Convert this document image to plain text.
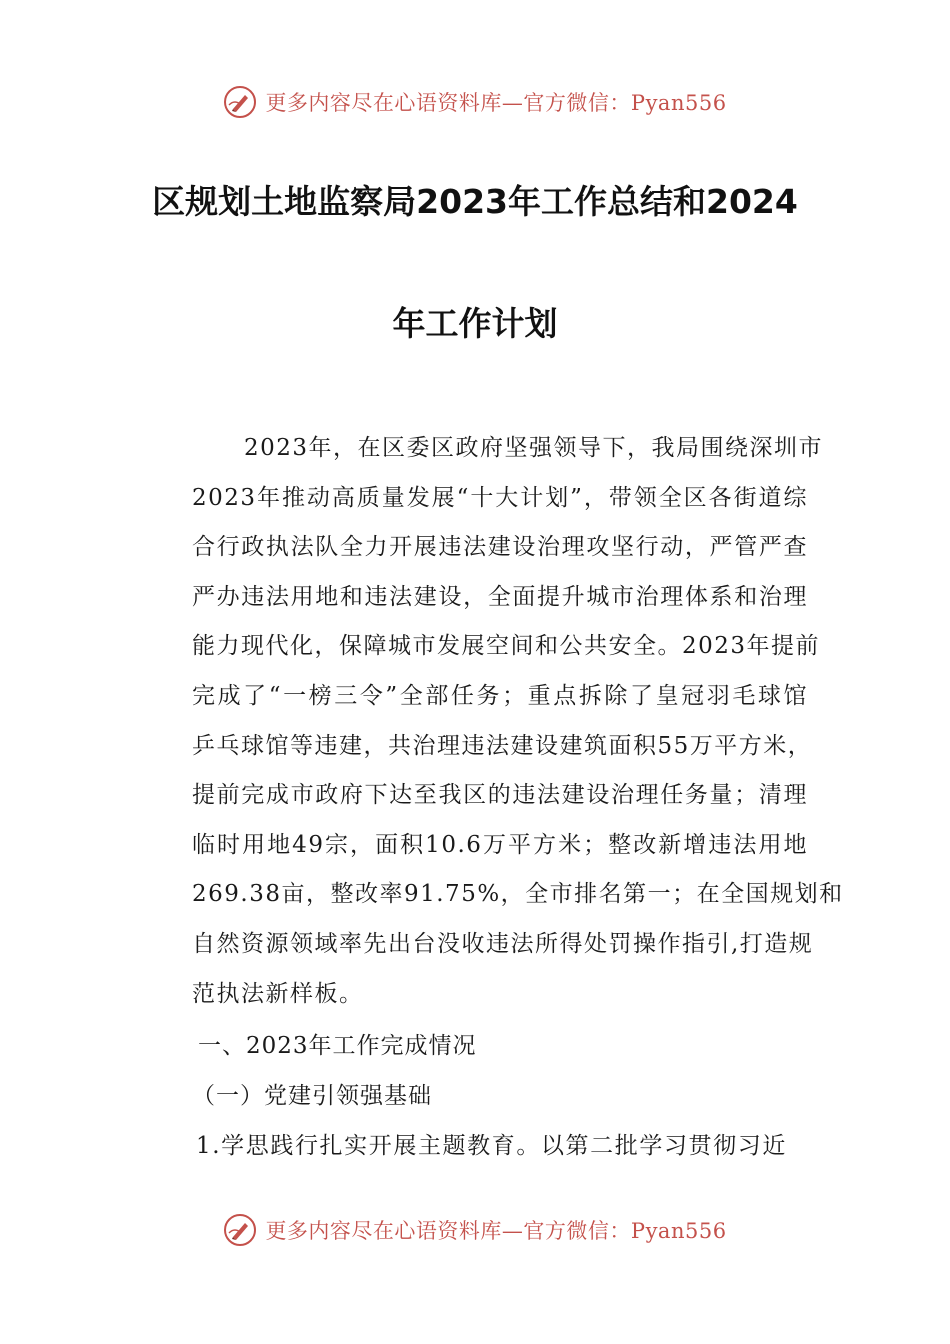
更多内容尽在心语资料库—官方微信：Pyan556
区规划土地监察局2023年工作总结和2024
年工作计划
2023年，在区委区政府坚强领导下，我局围绕深圳市
2023年推动高质量发展“十大计划”，带领全区各街道综
合行政执法队全力开展违法建设治理攻坚行动，严管严查
严办违法用地和违法建设，全面提升城市治理体系和治理
能力现代化，保障城市发展空间和公共安全。2023年提前
完成了“一榜三令”全部任务；重点拆除了皇冠羽毛球馆
乒乓球馆等违建，共治理违法建设建筑面积55万平方米，
提前完成市政府下达至我区的违法建设治理任务量；清理
临时用地49宗，面积10.6万平方米；整改新增违法用地
269.38亩，整改率91.75%，全市排名第一；在全国规划和
自然资源领域率先出台没收违法所得处罚操作指引,打造规
范执法新样板。

一、2023年工作完成情况

（一）党建引领强基础

1.学思践行扎实开展主题教育。以第二批学习贯彻习近

更多内容尽在心语资料库—官方微信：Pyan556
